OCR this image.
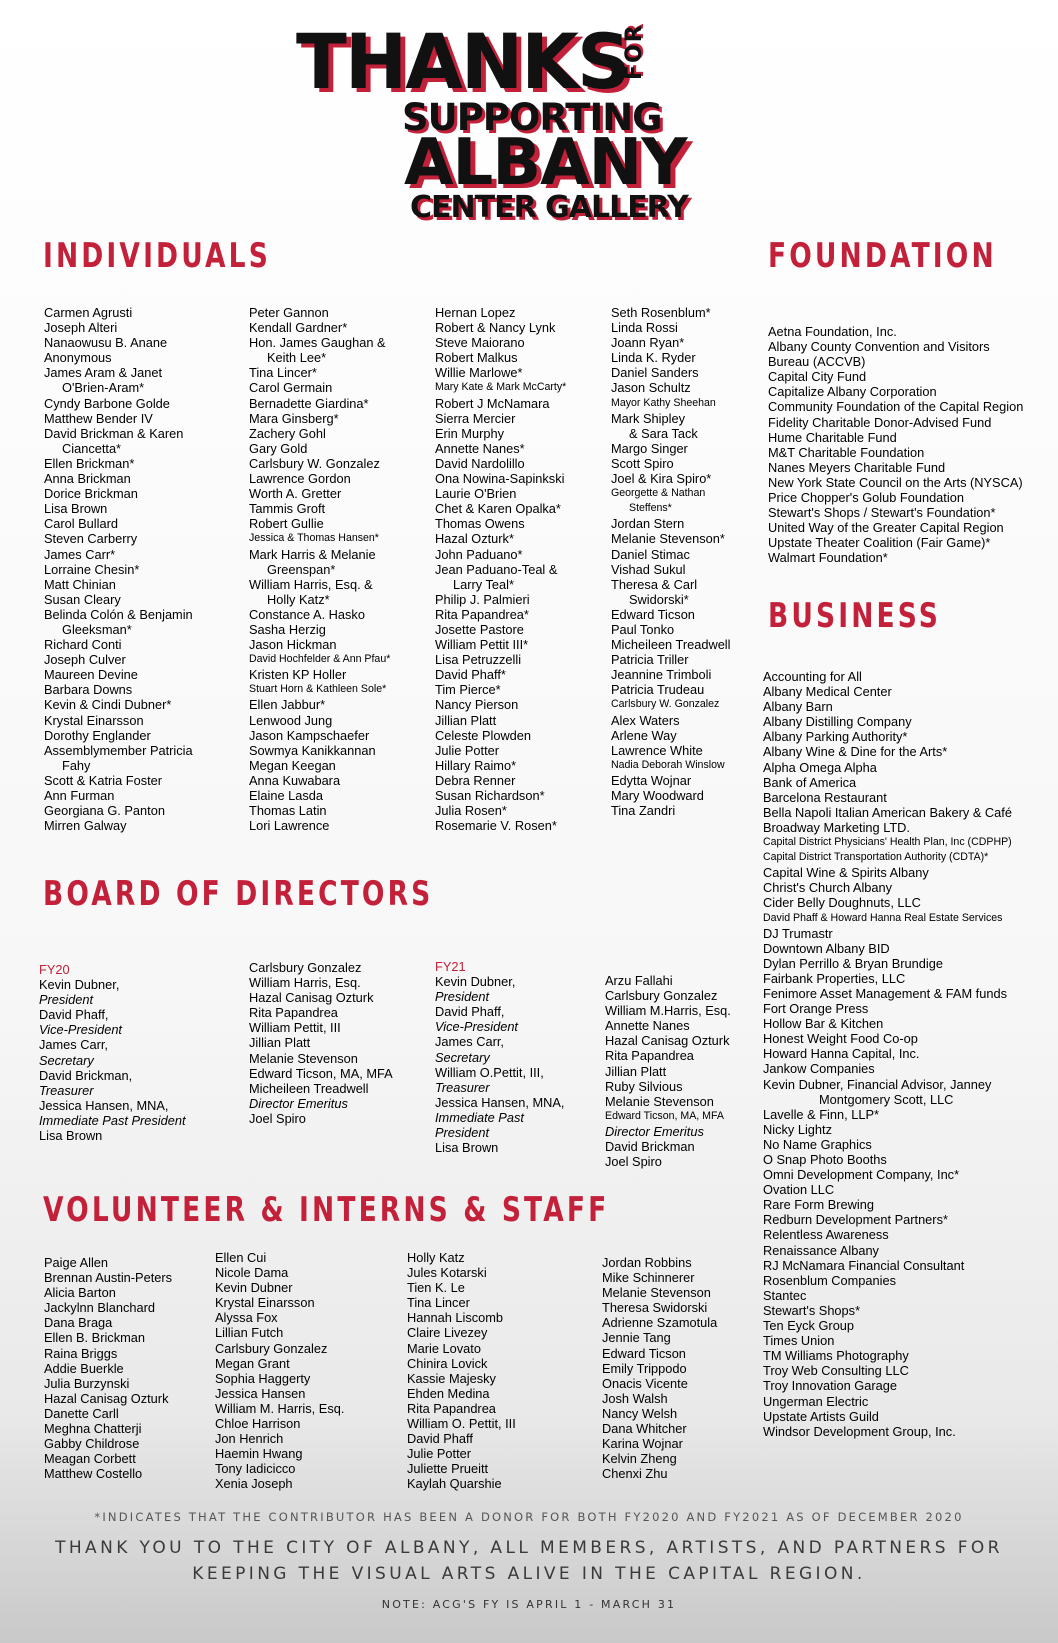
THANKS
FOR
SUPPORTING
ALBANY
CENTER GALLERY
INDIVIDUALS	FOUNDATION
BUSINESS
BOARD OF DIRECTORS
VOLUNTEER & INTERNS & STAFF
Carmen Agrusti
Joseph Alteri
Nanaowusu B. Anane
Anonymous
James Aram & Janet
O'Brien-Aram*
Cyndy Barbone Golde
Matthew Bender IV
David Brickman & Karen
Ciancetta*
Ellen Brickman*
Anna Brickman
Dorice Brickman
Lisa Brown
Carol Bullard
Steven Carberry
James Carr*
Lorraine Chesin*
Matt Chinian
Susan Cleary
Belinda Colón & Benjamin
Gleeksman*
Richard Conti
Joseph Culver
Maureen Devine
Barbara Downs
Kevin & Cindi Dubner*
Krystal Einarsson
Dorothy Englander
Assemblymember Patricia
Fahy
Scott & Katria Foster
Ann Furman
Georgiana G. Panton
Mirren Galway
Peter Gannon
Kendall Gardner*
Hon. James Gaughan &
Keith Lee*
Tina Lincer*
Carol Germain
Bernadette Giardina*
Mara Ginsberg*
Zachery Gohl
Gary Gold
Carlsbury W. Gonzalez
Lawrence Gordon
Worth A. Gretter
Tammis Groft
Robert Gullie
Jessica & Thomas Hansen*
Mark Harris & Melanie
Greenspan*
William Harris, Esq. &
Holly Katz*
Constance A. Hasko
Sasha Herzig
Jason Hickman
David Hochfelder & Ann Pfau*
Kristen KP Holler
Stuart Horn & Kathleen Sole*
Ellen Jabbur*
Lenwood Jung
Jason Kampschaefer
Sowmya Kanikkannan
Megan Keegan
Anna Kuwabara
Elaine Lasda
Thomas Latin
Lori Lawrence
Hernan Lopez
Robert & Nancy Lynk
Steve Maiorano
Robert Malkus
Willie Marlowe*
Mary Kate & Mark McCarty*
Robert J McNamara
Sierra Mercier
Erin Murphy
Annette Nanes*
David Nardolillo
Ona Nowina-Sapinkski
Laurie O'Brien
Chet & Karen Opalka*
Thomas Owens
Hazal Ozturk*
John Paduano*
Jean Paduano-Teal &
Larry Teal*
Philip J. Palmieri
Rita Papandrea*
Josette Pastore
William Pettit III*
Lisa Petruzzelli
David Phaff*
Tim Pierce*
Nancy Pierson
Jillian Platt
Celeste Plowden
Julie Potter
Hillary Raimo*
Debra Renner
Susan Richardson*
Julia Rosen*
Rosemarie V. Rosen*
Seth Rosenblum*
Linda Rossi
Joann Ryan*
Linda K. Ryder
Daniel Sanders
Jason Schultz
Mayor Kathy Sheehan
Mark Shipley
& Sara Tack
Margo Singer
Scott Spiro
Joel & Kira Spiro*
Georgette & Nathan
Steffens*
Jordan Stern
Melanie Stevenson*
Daniel Stimac
Vishad Sukul
Theresa & Carl
Swidorski*
Edward Ticson
Paul Tonko
Micheileen Treadwell
Patricia Triller
Jeannine Trimboli
Patricia Trudeau
Carlsbury W. Gonzalez
Alex Waters
Arlene Way
Lawrence White
Nadia Deborah Winslow
Edytta Wojnar
Mary Woodward
Tina Zandri
Aetna Foundation, Inc.
Albany County Convention and Visitors
Bureau (ACCVB)
Capital City Fund
Capitalize Albany Corporation
Community Foundation of the Capital Region
Fidelity Charitable Donor-Advised Fund
Hume Charitable Fund
M&T Charitable Foundation
Nanes Meyers Charitable Fund
New York State Council on the Arts (NYSCA)
Price Chopper's Golub Foundation
Stewart's Shops / Stewart's Foundation*
United Way of the Greater Capital Region
Upstate Theater Coalition (Fair Game)*
Walmart Foundation*
Accounting for All
Albany Medical Center
Albany Barn
Albany Distilling Company
Albany Parking Authority*
Albany Wine & Dine for the Arts*
Alpha Omega Alpha
Bank of America
Barcelona Restaurant
Bella Napoli Italian American Bakery & Café
Broadway Marketing LTD.
Capital District Physicians' Health Plan, Inc (CDPHP)
Capital District Transportation Authority (CDTA)*
Capital Wine & Spirits Albany
Christ's Church Albany
Cider Belly Doughnuts, LLC
David Phaff & Howard Hanna Real Estate Services
DJ Trumastr
Downtown Albany BID
Dylan Perrillo & Bryan Brundige
Fairbank Properties, LLC
Fenimore Asset Management & FAM funds
Fort Orange Press
Hollow Bar & Kitchen
Honest Weight Food Co-op
Howard Hanna Capital, Inc.
Jankow Companies
Kevin Dubner, Financial Advisor, Janney
Montgomery Scott, LLC
Lavelle & Finn, LLP*
Nicky Lightz
No Name Graphics
O Snap Photo Booths
Omni Development Company, Inc*
Ovation LLC
Rare Form Brewing
Redburn Development Partners*
Relentless Awareness
Renaissance Albany
RJ McNamara Financial Consultant
Rosenblum Companies
Stantec
Stewart's Shops*
Ten Eyck Group
Times Union
TM Williams Photography
Troy Web Consulting LLC
Troy Innovation Garage
Ungerman Electric
Upstate Artists Guild
Windsor Development Group, Inc.
FY20
Kevin Dubner,
President
David Phaff,
Vice-President
James Carr,
Secretary
David Brickman,
Treasurer
Jessica Hansen, MNA,
Immediate Past President
Lisa Brown
Carlsbury Gonzalez
William Harris, Esq.
Hazal Canisag Ozturk
Rita Papandrea
William Pettit, III
Jillian Platt
Melanie Stevenson
Edward Ticson, MA, MFA
Micheileen Treadwell
Director Emeritus
Joel Spiro
FY21
Kevin Dubner,
President
David Phaff,
Vice-President
James Carr,
Secretary
William O.Pettit, III,
Treasurer
Jessica Hansen, MNA,
Immediate Past
President
Lisa Brown
Arzu Fallahi
Carlsbury Gonzalez
William M.Harris, Esq.
Annette Nanes
Hazal Canisag Ozturk
Rita Papandrea
Jillian Platt
Ruby Silvious
Melanie Stevenson
Edward Ticson, MA, MFA
Director Emeritus
David Brickman
Joel Spiro
Paige Allen
Brennan Austin-Peters
Alicia Barton
Jackylnn Blanchard
Dana Braga
Ellen B. Brickman
Raina Briggs
Addie Buerkle
Julia Burzynski
Hazal Canisag Ozturk
Danette Carll
Meghna Chatterji
Gabby Childrose
Meagan Corbett
Matthew Costello
Ellen Cui
Nicole Dama
Kevin Dubner
Krystal Einarsson
Alyssa Fox
Lillian Futch
Carlsbury Gonzalez
Megan Grant
Sophia Haggerty
Jessica Hansen
William M. Harris, Esq.
Chloe Harrison
Jon Henrich
Haemin Hwang
Tony Iadicicco
Xenia Joseph
Holly Katz
Jules Kotarski
Tien K. Le
Tina Lincer
Hannah Liscomb
Claire Livezey
Marie Lovato
Chinira Lovick
Kassie Majesky
Ehden Medina
Rita Papandrea
William O. Pettit, III
David Phaff
Julie Potter
Juliette Prueitt
Kaylah Quarshie
Jordan Robbins
Mike Schinnerer
Melanie Stevenson
Theresa Swidorski
Adrienne Szamotula
Jennie Tang
Edward Ticson
Emily Trippodo
Onacis Vicente
Josh Walsh
Nancy Welsh
Dana Whitcher
Karina Wojnar
Kelvin Zheng
Chenxi Zhu
*INDICATES THAT THE CONTRIBUTOR HAS BEEN A DONOR FOR BOTH FY2020 AND FY2021 AS OF DECEMBER 2020
THANK YOU TO THE CITY OF ALBANY, ALL MEMBERS, ARTISTS, AND PARTNERS FOR
KEEPING THE VISUAL ARTS ALIVE IN THE CAPITAL REGION.
NOTE: ACG'S FY IS APRIL 1 - MARCH 31
